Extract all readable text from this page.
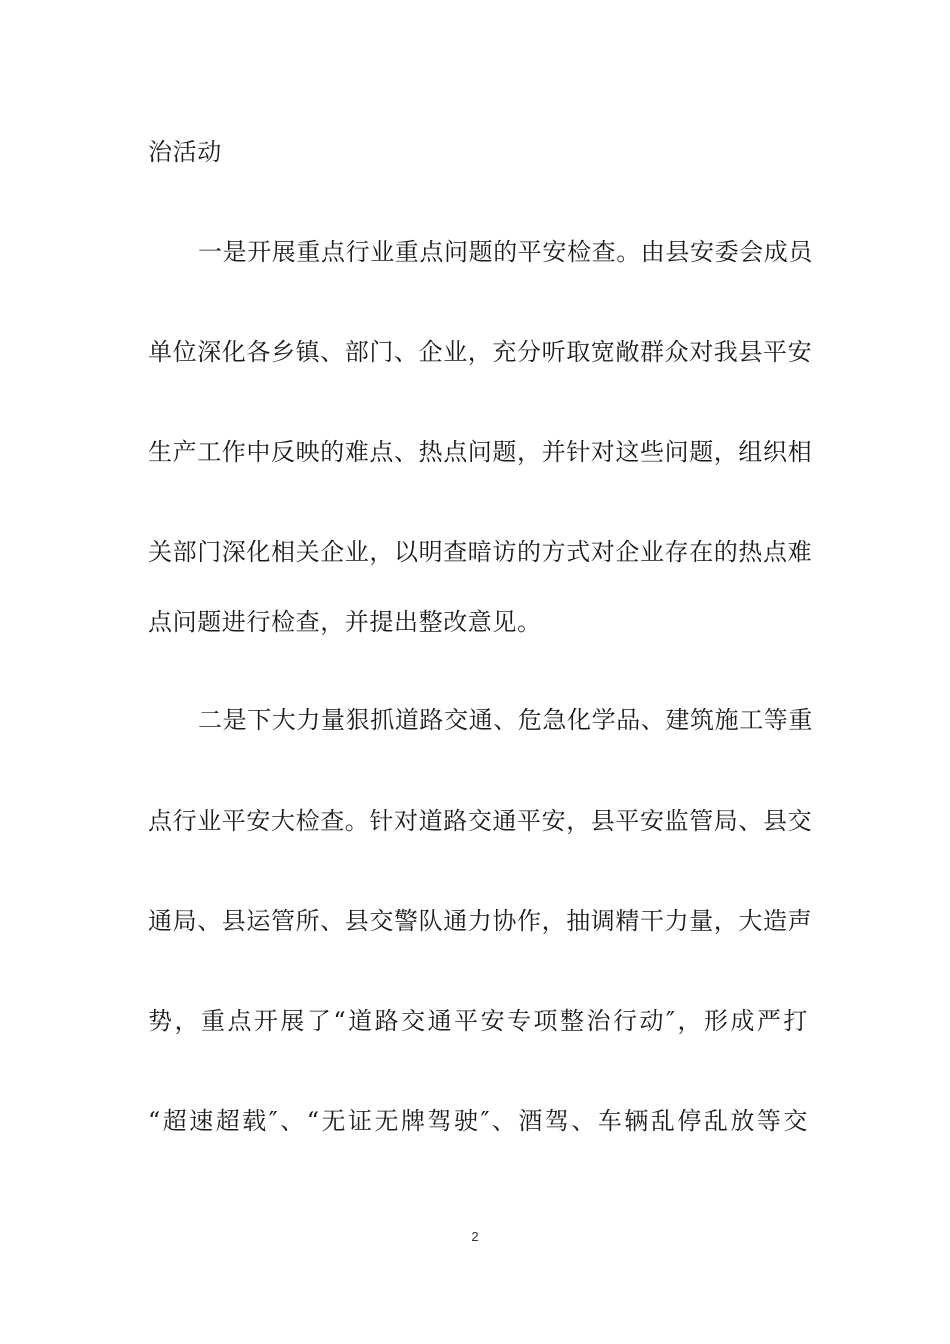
治活动
一是开展重点行业重点问题的平安检查。由县安委会成员
单位深化各乡镇、部门、企业，充分听取宽敞群众对我县平安
生产工作中反映的难点、热点问题，并针对这些问题，组织相
关部门深化相关企业，以明查暗访的方式对企业存在的热点难
点问题进行检查，并提出整改意见。
二是下大力量狠抓道路交通、危急化学品、建筑施工等重
点行业平安大检查。针对道路交通平安，县平安监管局、县交
通局、县运管所、县交警队通力协作，抽调精干力量，大造声
势，重点开展了“道路交通平安专项整治行动″，形成严打
“超速超载″、“无证无牌驾驶″、酒驾、车辆乱停乱放等交
2
